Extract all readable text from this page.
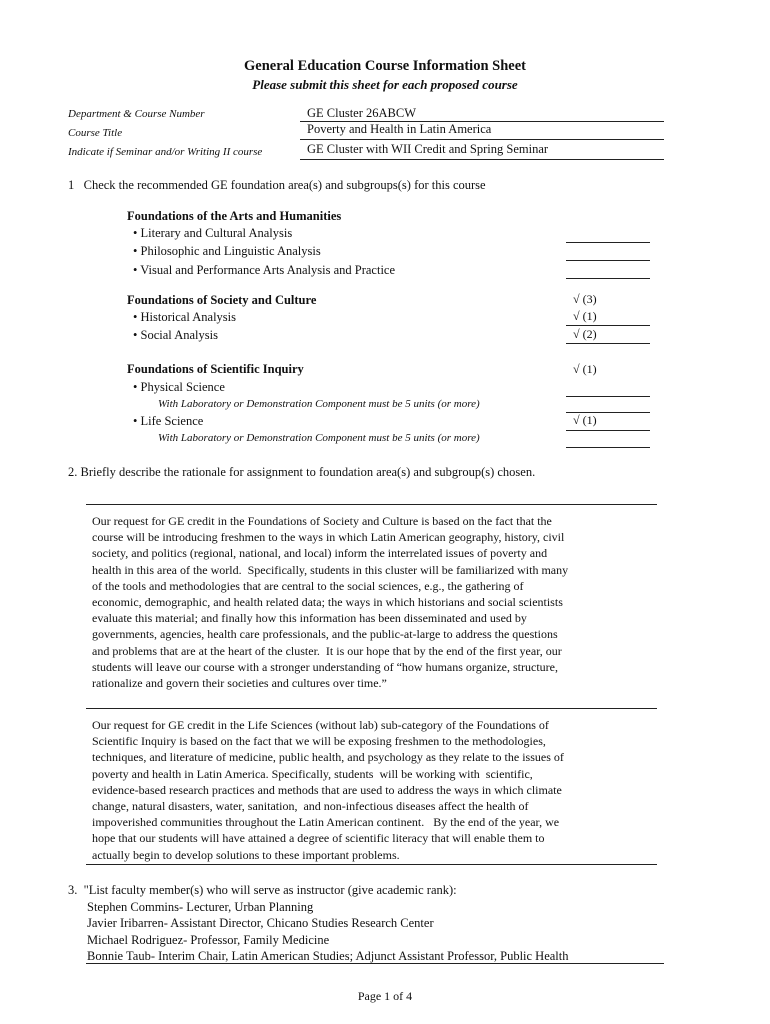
General Education Course Information Sheet
Please submit this sheet for each proposed course
Department & Course Number	GE Cluster 26ABCW
Course Title	Poverty and Health in Latin America
Indicate if Seminar and/or Writing II course	GE Cluster with WII Credit and Spring Seminar
1 Check the recommended GE foundation area(s) and subgroups(s) for this course
Foundations of the Arts and Humanities
• Literary and Cultural Analysis
• Philosophic and Linguistic Analysis
• Visual and Performance Arts Analysis and Practice
Foundations of Society and Culture	√ (3)
• Historical Analysis	√ (1)
• Social Analysis	√ (2)
Foundations of Scientific Inquiry	√ (1)
• Physical Science
With Laboratory or Demonstration Component must be 5 units (or more)
• Life Science	√ (1)
With Laboratory or Demonstration Component must be 5 units (or more)
2. Briefly describe the rationale for assignment to foundation area(s) and subgroup(s) chosen.
Our request for GE credit in the Foundations of Society and Culture is based on the fact that the
course will be introducing freshmen to the ways in which Latin American geography, history, civil
society, and politics (regional, national, and local) inform the interrelated issues of poverty and
health in this area of the world.  Specifically, students in this cluster will be familiarized with many
of the tools and methodologies that are central to the social sciences, e.g., the gathering of
economic, demographic, and health related data; the ways in which historians and social scientists
evaluate this material; and finally how this information has been disseminated and used by
governments, agencies, health care professionals, and the public-at-large to address the questions
and problems that are at the heart of the cluster.  It is our hope that by the end of the first year, our
students will leave our course with a stronger understanding of “how humans organize, structure,
rationalize and govern their societies and cultures over time.”
Our request for GE credit in the Life Sciences (without lab) sub-category of the Foundations of
Scientific Inquiry is based on the fact that we will be exposing freshmen to the methodologies,
techniques, and literature of medicine, public health, and psychology as they relate to the issues of
poverty and health in Latin America. Specifically, students  will be working with  scientific,
evidence-based research practices and methods that are used to address the ways in which climate
change, natural disasters, water, sanitation,  and non-infectious diseases affect the health of
impoverished communities throughout the Latin American continent.   By the end of the year, we
hope that our students will have attained a degree of scientific literacy that will enable them to
actually begin to develop solutions to these important problems.
3. "List faculty member(s) who will serve as instructor (give academic rank):
Stephen Commins- Lecturer, Urban Planning
Javier Iribarren- Assistant Director, Chicano Studies Research Center
Michael Rodriguez- Professor, Family Medicine
Bonnie Taub- Interim Chair, Latin American Studies; Adjunct Assistant Professor, Public Health
Page 1 of 4
